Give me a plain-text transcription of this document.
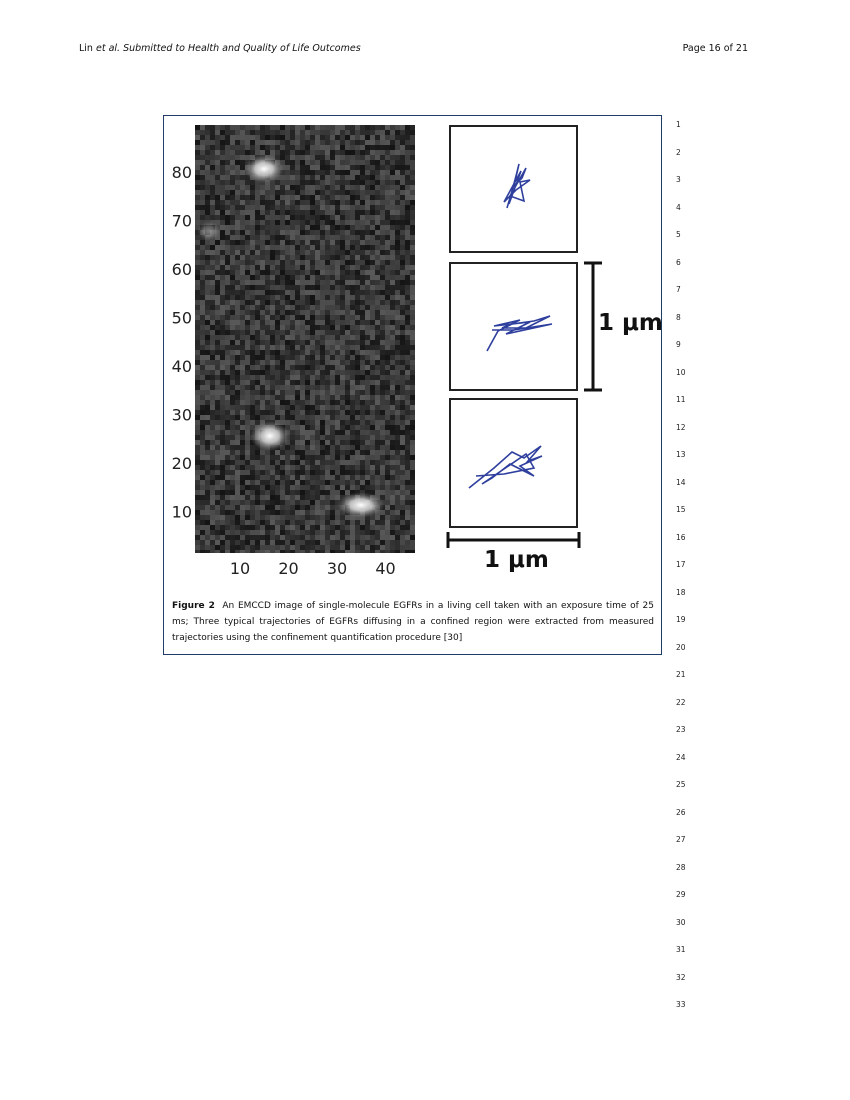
Lin et al. Submitted to Health and Quality of Life Outcomes	Page 16 of 21
1
2
3
4
5
6
7
8
9
10
11
12
13
14
15
16
17
18
19
20
21
22
23
24
25
26
27
28
29
30
31
32
33
80
70
60
50
40
30
20
10
10 20 30 40
1 μm
1 μm
Figure 2 An EMCCD image of single-molecule EGFRs in a living cell taken with an exposure time of 25 ms; Three typical trajectories of EGFRs diffusing in a confined region were extracted from measured trajectories using the confinement quantification procedure [30]
